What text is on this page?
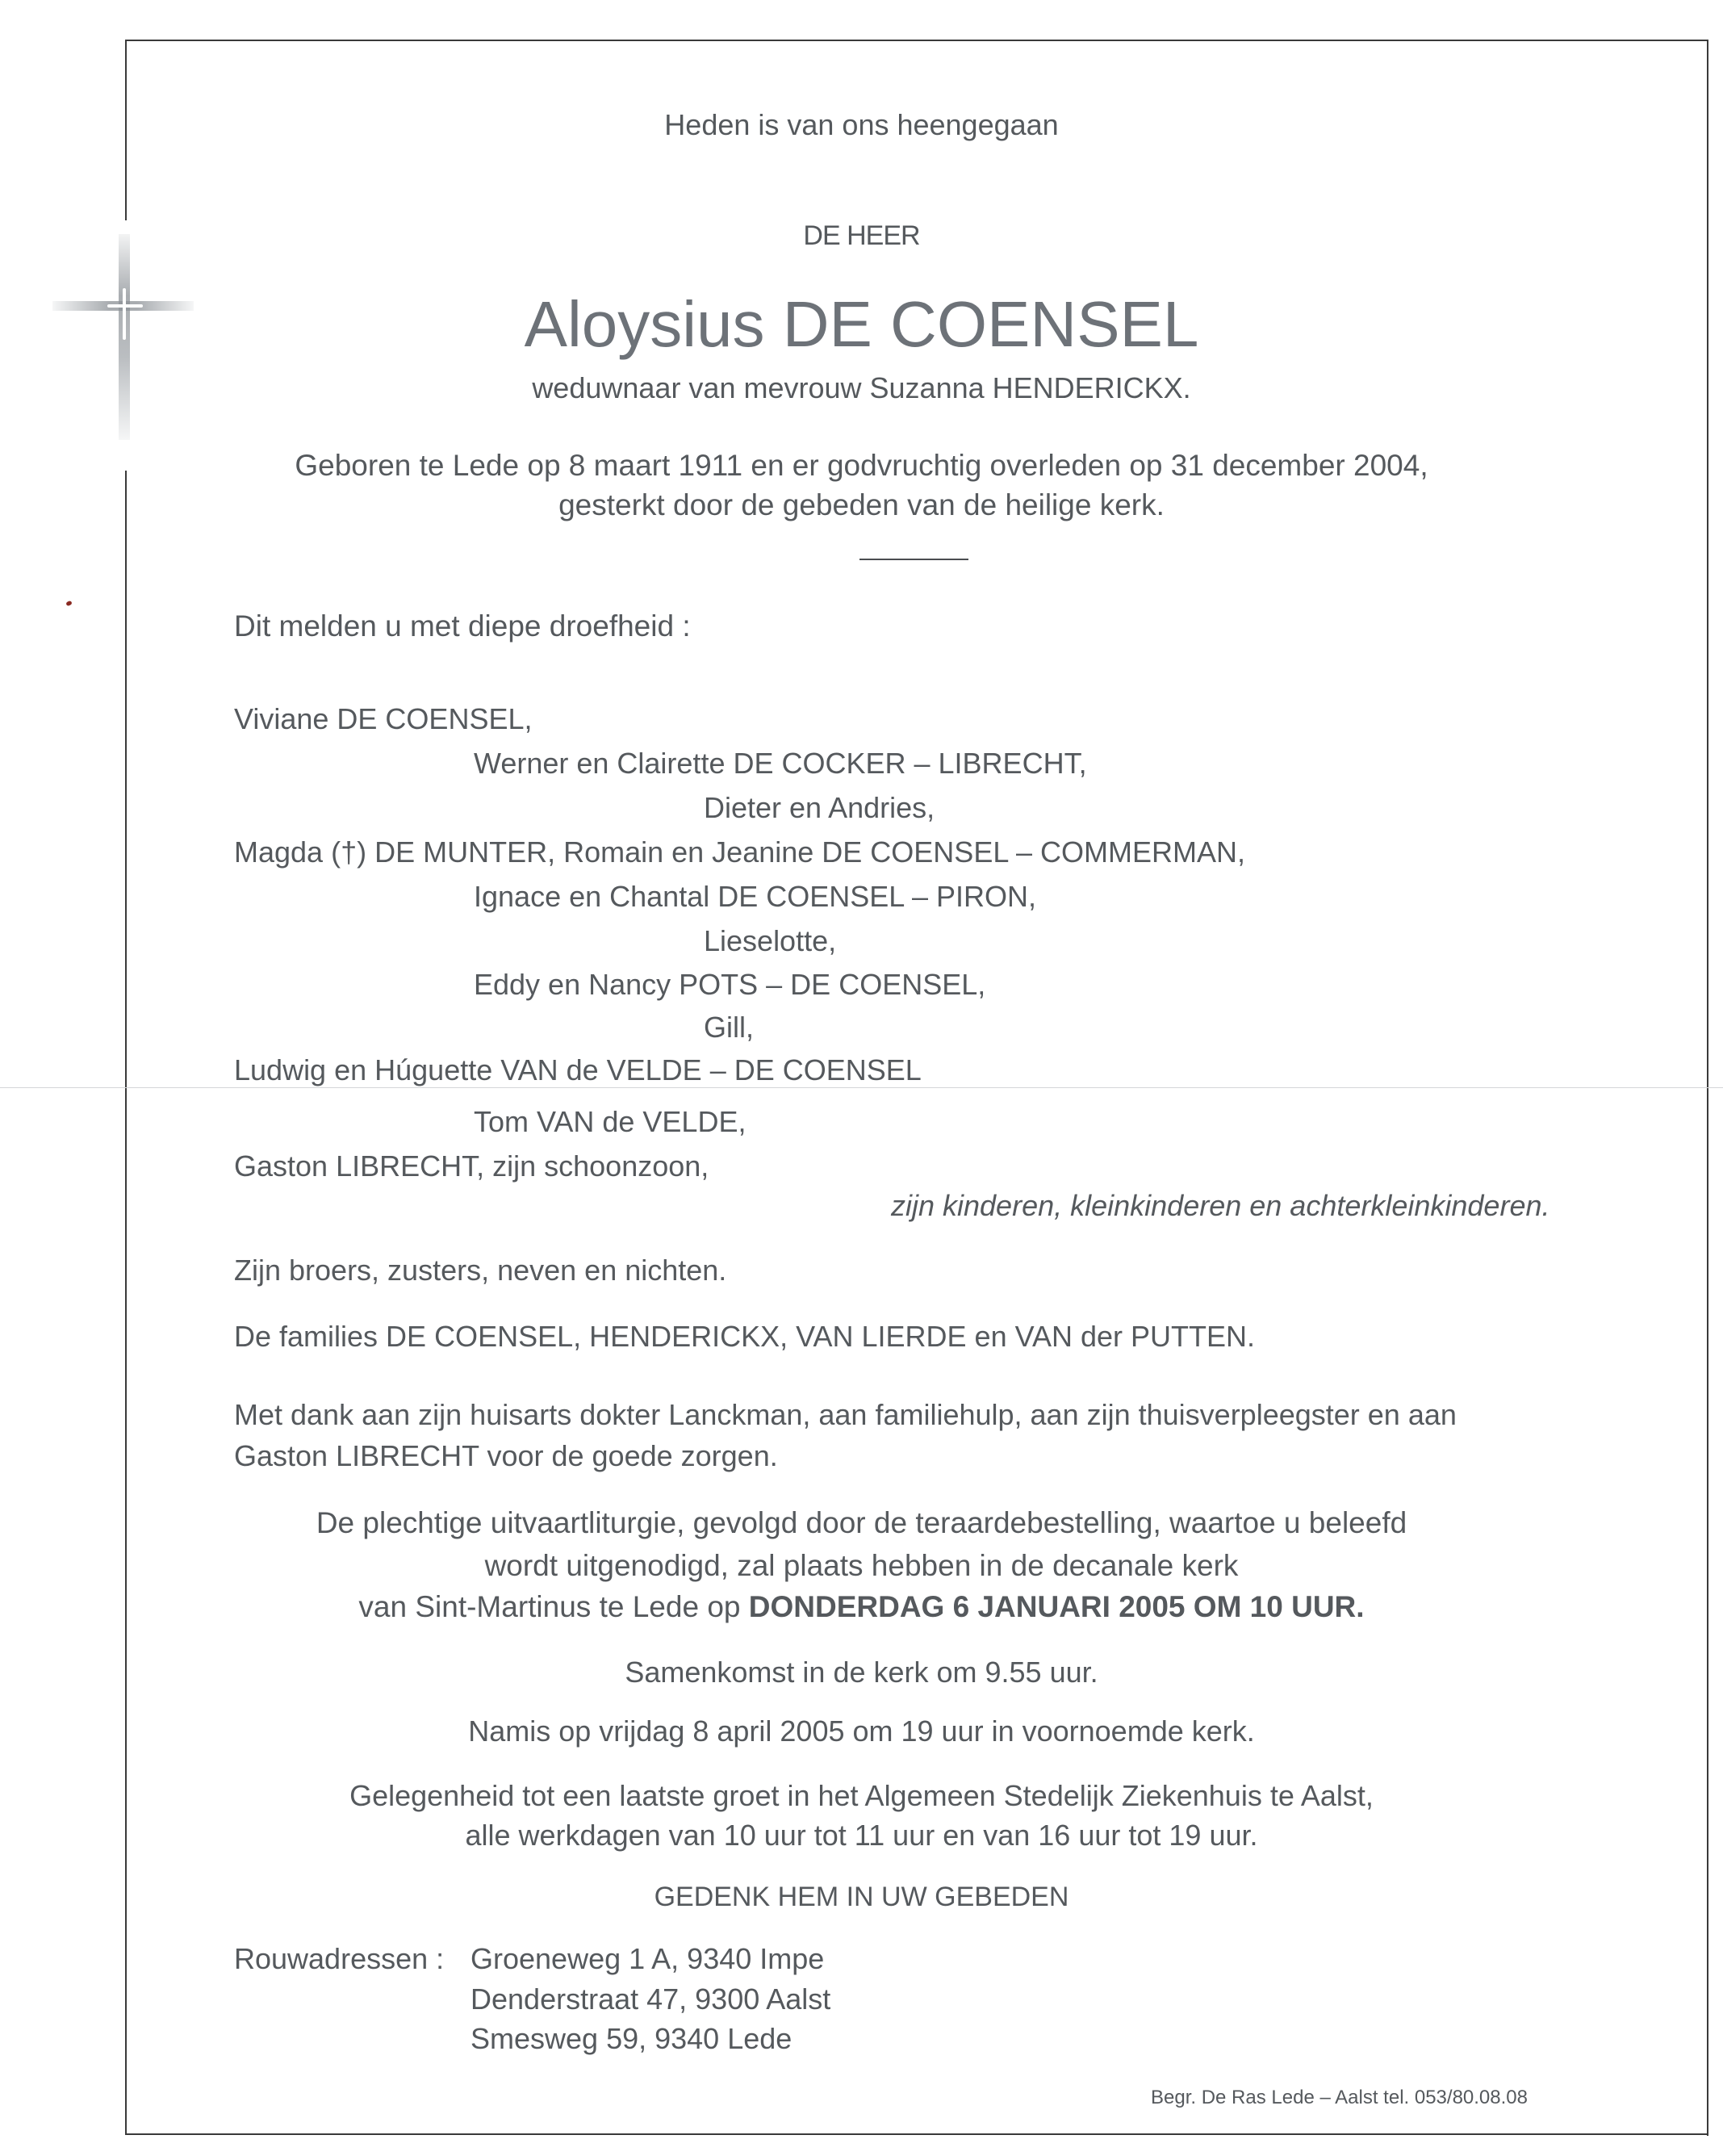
Heden is van ons heengegaan
DE HEER
Aloysius DE COENSEL
weduwnaar van mevrouw Suzanna HENDERICKX.
Geboren te Lede op 8 maart 1911 en er godvruchtig overleden op 31 december 2004,
gesterkt door de gebeden van de heilige kerk.
Dit melden u met diepe droefheid :
Viviane DE COENSEL,
Werner en Clairette DE COCKER – LIBRECHT,
Dieter en Andries,
Magda (†) DE MUNTER, Romain en Jeanine DE COENSEL – COMMERMAN,
Ignace en Chantal DE COENSEL – PIRON,
Lieselotte,
Eddy en Nancy POTS – DE COENSEL,
Gill,
Ludwig en Húguette VAN de VELDE – DE COENSEL
Tom VAN de VELDE,
Gaston LIBRECHT, zijn schoonzoon,
zijn kinderen, kleinkinderen en achterkleinkinderen.
Zijn broers, zusters, neven en nichten.
De families DE COENSEL, HENDERICKX, VAN LIERDE en VAN der PUTTEN.
Met dank aan zijn huisarts dokter Lanckman, aan familiehulp, aan zijn thuisverpleegster en aan
Gaston LIBRECHT voor de goede zorgen.
De plechtige uitvaartliturgie, gevolgd door de teraardebestelling, waartoe u beleefd
wordt uitgenodigd, zal plaats hebben in de decanale kerk
van Sint-Martinus te Lede op DONDERDAG 6 JANUARI 2005 OM 10 UUR.
Samenkomst in de kerk om 9.55 uur.
Namis op vrijdag 8 april 2005 om 19 uur in voornoemde kerk.
Gelegenheid tot een laatste groet in het Algemeen Stedelijk Ziekenhuis te Aalst,
alle werkdagen van 10 uur tot 11 uur en van 16 uur tot 19 uur.
GEDENK HEM IN UW GEBEDEN
Rouwadressen : Groeneweg 1 A, 9340 Impe
Denderstraat 47, 9300 Aalst
Smesweg 59, 9340 Lede
Begr. De Ras Lede – Aalst tel. 053/80.08.08
